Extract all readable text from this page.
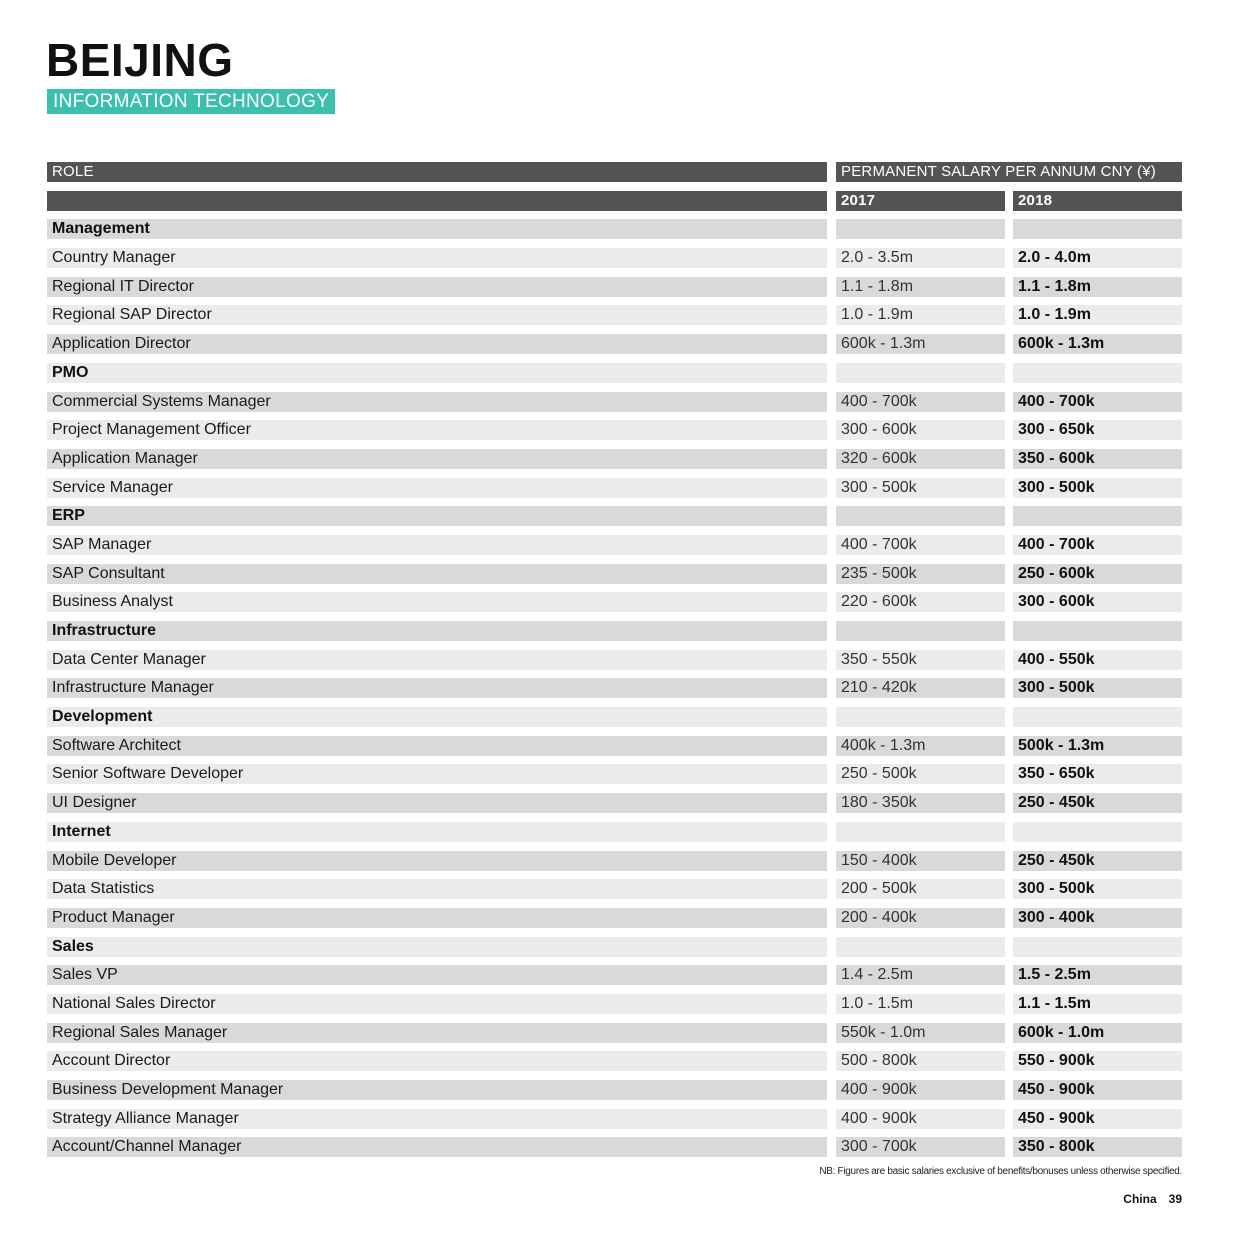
BEIJING
INFORMATION TECHNOLOGY
ROLE	PERMANENT SALARY PER ANNUM CNY (¥)
2017	2018
Management
Country Manager	2.0 - 3.5m	2.0 - 4.0m
Regional IT Director	1.1 - 1.8m	1.1 - 1.8m
Regional SAP Director	1.0 - 1.9m	1.0 - 1.9m
Application Director	600k - 1.3m	600k - 1.3m
PMO
Commercial Systems Manager	400 - 700k	400 - 700k
Project Management Officer	300 - 600k	300 - 650k
Application Manager	320 - 600k	350 - 600k
Service Manager	300 - 500k	300 - 500k
ERP
SAP Manager	400 - 700k	400 - 700k
SAP Consultant	235 - 500k	250 - 600k
Business Analyst	220 - 600k	300 - 600k
Infrastructure
Data Center Manager	350 - 550k	400 - 550k
Infrastructure Manager	210 - 420k	300 - 500k
Development
Software Architect	400k - 1.3m	500k - 1.3m
Senior Software Developer	250 - 500k	350 - 650k
UI Designer	180 - 350k	250 - 450k
Internet
Mobile Developer	150 - 400k	250 - 450k
Data Statistics	200 - 500k	300 - 500k
Product Manager	200 - 400k	300 - 400k
Sales
Sales VP	1.4 - 2.5m	1.5 - 2.5m
National Sales Director	1.0 - 1.5m	1.1 - 1.5m
Regional Sales Manager	550k - 1.0m	600k - 1.0m
Account Director	500 - 800k	550 - 900k
Business Development Manager	400 - 900k	450 - 900k
Strategy Alliance Manager	400 - 900k	450 - 900k
Account/Channel Manager	300 - 700k	350 - 800k
NB: Figures are basic salaries exclusive of benefits/bonuses unless otherwise specified.
China 39
